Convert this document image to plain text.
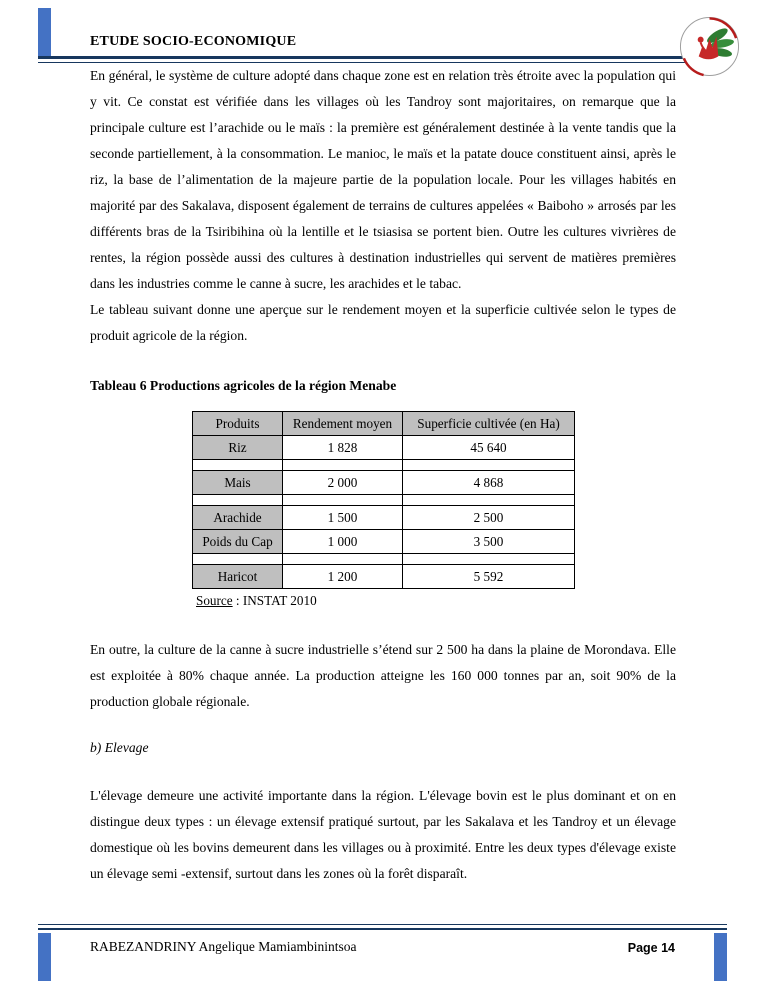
ETUDE SOCIO-ECONOMIQUE

En général, le système de culture adopté dans chaque zone est en relation très étroite avec la population qui y vit. Ce constat est vérifiée dans les villages où les Tandroy sont majoritaires, on remarque que la principale culture est l’arachide ou le maïs : la première est généralement destinée à la vente tandis que la seconde partiellement, à la consommation. Le manioc, le maïs et la patate douce constituent ainsi, après le riz, la base de l’alimentation de la majeure partie de la population locale. Pour les villages habités en majorité par des Sakalava, disposent également de terrains de cultures appelées « Baiboho » arrosés par les différents bras de la Tsiribihina où la lentille et le tsiasisa se portent bien. Outre les cultures vivrières de rentes, la région possède aussi des cultures à destination industrielles qui servent de matières premières dans les industries comme le canne à sucre, les arachides et le tabac.

Le tableau suivant donne une aperçue sur le rendement moyen et la superficie cultivée selon le types de produit agricole de la région.

Tableau 6 Productions agricoles de la région Menabe

Produits	Rendement moyen	Superficie cultivée (en Ha)
Riz	1 828	45 640

Mais	2 000	4 868

Arachide	1 500	2 500
Poids du Cap	1 000	3 500

Haricot	1 200	5 592

Source : INSTAT 2010

En outre, la culture de la canne à sucre industrielle s’étend sur 2 500 ha dans la plaine de Morondava. Elle est exploitée à 80% chaque année. La production atteigne les 160 000 tonnes par an, soit 90% de la production globale régionale.

b) Elevage

L'élevage demeure une activité importante dans la région. L'élevage bovin est le plus dominant et on en distingue deux types : un élevage extensif pratiqué surtout, par les Sakalava et les Tandroy et un élevage domestique où les bovins demeurent dans les villages ou à proximité. Entre les deux types d'élevage existe un élevage semi -extensif, surtout dans les zones où la forêt disparaît.

RABEZANDRINY Angelique Mamiambinintsoa	Page 14
